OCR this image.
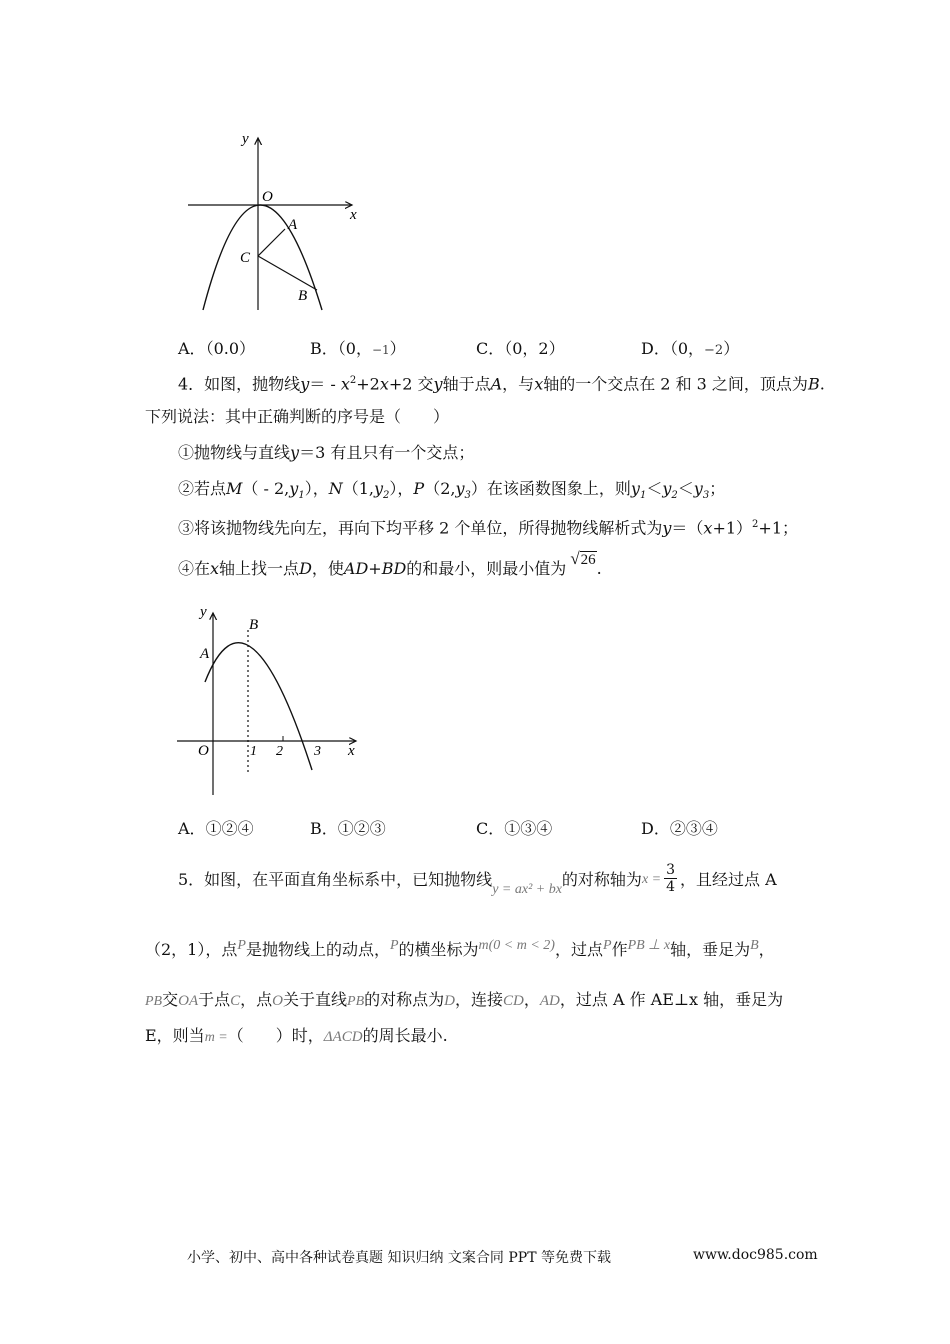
y
x
O
A
C
B
A．（0.0）	B．（0，−1）	C．（0，2）	D．（0，−2）
4．如图，抛物线$y= - x^2+2x+2$ 交y轴于点A，与x轴的一个交点在 2 和 3 之间，顶点为B.
下列说法：其中正确判断的序号是（　　）
①抛物线与直线y＝3 有且只有一个交点；
②若点$M( - 2,y_1)$，$N(1,y_2)$，$P(2,y_3)$在该函数图象上，则$y_1<y_2<y_3$；
③将该抛物线先向左，再向下均平移 2 个单位，所得抛物线解析式为$y=(x+1)^2+1$；
④在x轴上找一点D，使AD+BD的和最小，则最小值为√26.
y
B
A
O	x
1 2 3
A．①②④	B．①②③	C．①③④	D．②③④
5．如图，在平面直角坐标系中，已知抛物线y = ax² + bx的对称轴为$x = \frac{3}{4}$ ，且经过点 A
（2，1），点P是抛物线上的动点，P的横坐标为m(0 < m < 2)，过点P作PB ⊥ x轴，垂足为B，
PB交OA于点C，点O关于直线PB的对称点为D，连接CD，AD，过点 A 作 AE⊥x 轴，垂足为
E，则当m =（　　）时，ΔACD的周长最小.
小学、初中、高中各种试卷真题 知识归纳 文案合同 PPT 等免费下载	www.doc985.com
